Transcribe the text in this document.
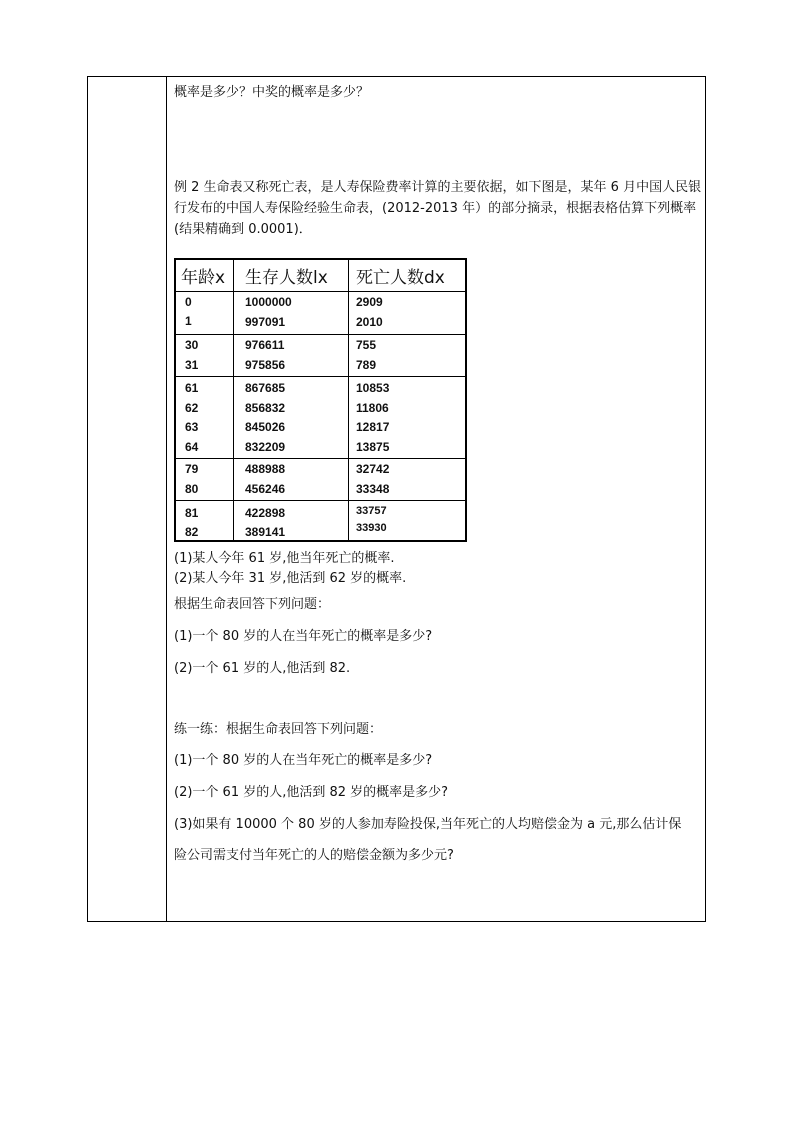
概率是多少？中奖的概率是多少？
例 2 生命表又称死亡表，是人寿保险费率计算的主要依据，如下图是，某年 6 月中国人民银行发布的中国人寿保险经验生命表，(2012-2013 年）的部分摘录，根据表格估算下列概率(结果精确到 0.0001)．
年龄x 生存人数lx 死亡人数dx
0
1
1000000
997091
2909
2010
30
31
976611
975856
755
789
61
62
63
64
867685
856832
845026
832209
10853
11806
12817
13875
79
80
488988
456246
32742
33348
81
82
422898
389141
33757
33930
(1)某人今年 61 岁,他当年死亡的概率.
(2)某人今年 31 岁,他活到 62 岁的概率.
根据生命表回答下列问题：
(1)一个 80 岁的人在当年死亡的概率是多少?
(2)一个 61 岁的人,他活到 82.
练一练：根据生命表回答下列问题：
(1)一个 80 岁的人在当年死亡的概率是多少?
(2)一个 61 岁的人,他活到 82 岁的概率是多少?
(3)如果有 10000 个 80 岁的人参加寿险投保,当年死亡的人均赔偿金为 a 元,那么估计保
险公司需支付当年死亡的人的赔偿金额为多少元?
